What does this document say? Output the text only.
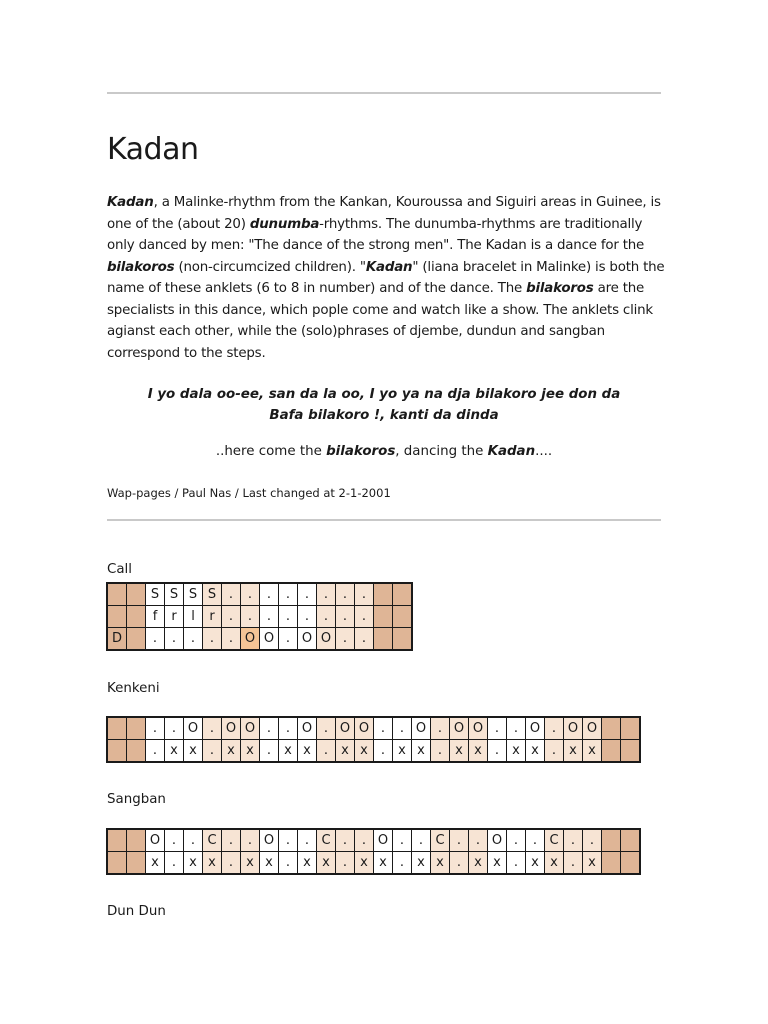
Kadan

Kadan, a Malinke-rhythm from the Kankan, Kouroussa and Siguiri areas in Guinee, is one of the (about 20) dunumba-rhythms. The dunumba-rhythms are traditionally only danced by men: "The dance of the strong men". The Kadan is a dance for the bilakoros (non-circumcized children). "Kadan" (liana bracelet in Malinke) is both the name of these anklets (6 to 8 in number) and of the dance. The bilakoros are the specialists in this dance, which pople come and watch like a show. The anklets clink agianst each other, while the (solo)phrases of djembe, dundun and sangban correspond to the steps.

I yo dala oo-ee, san da la oo, I yo ya na dja bilakoro jee don da

Bafa bilakoro !, kanti da dinda

..here come the bilakoros, dancing the Kadan....

Wap-pages / Paul Nas / Last changed at 2-1-2001

Call
		S	S	S	S	.	.	.	.	.	.	.	.		
		f	r	l	r	.	.	.	.	.	.	.	.		
D		.	.	.	.	.	O	O	.	O	O	.	.		
Kenkeni
		.	.	O	.	O	O	.	.	O	.	O	O	.	.	O	.	O	O	.	.	O	.	O	O		
		.	x	x	.	x	x	.	x	x	.	x	x	.	x	x	.	x	x	.	x	x	.	x	x		
Sangban
		O	.	.	C	.	.	O	.	.	C	.	.	O	.	.	C	.	.	O	.	.	C	.	.		
		x	.	x	x	.	x	x	.	x	x	.	x	x	.	x	x	.	x	x	.	x	x	.	x		
Dun Dun
